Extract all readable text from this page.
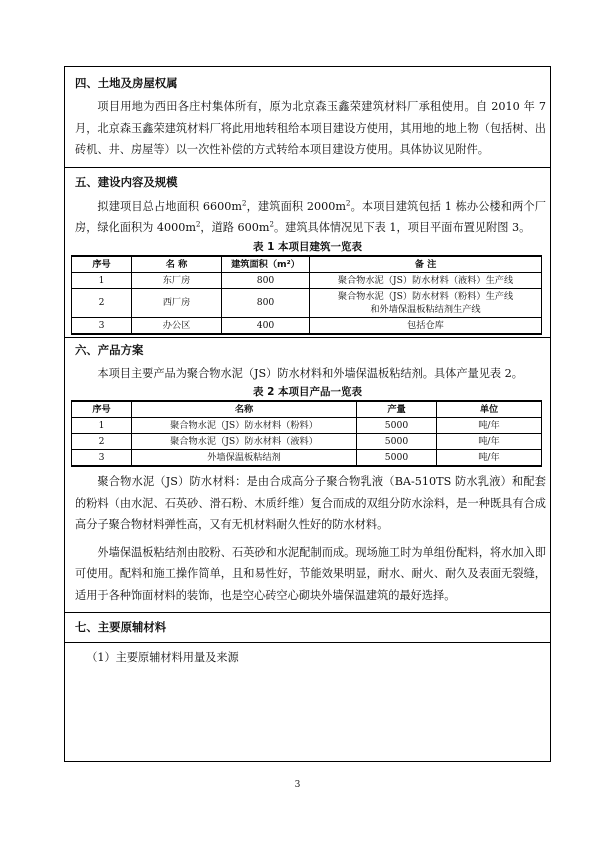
四、土地及房屋权属

项目用地为西田各庄村集体所有，原为北京森玉鑫荣建筑材料厂承租使用。自 2010 年 7 月，北京森玉鑫荣建筑材料厂将此用地转租给本项目建设方使用，其用地的地上物（包括树、出砖机、井、房屋等）以一次性补偿的方式转给本项目建设方使用。具体协议见附件。

五、建设内容及规模

拟建项目总占地面积 $6600m^2$，建筑面积 $2000m^2$。本项目建筑包括 1 栋办公楼和两个厂房，绿化面积为 $4000m^2$，道路 $600m^2$。建筑具体情况见下表 1，项目平面布置见附图 3。

表 1 本项目建筑一览表
序号	名 称	建筑面积（m²）	备 注
1	东厂房	800	聚合物水泥（JS）防水材料（液料）生产线
2	西厂房	800	聚合物水泥（JS）防水材料（粉料）生产线
和外墙保温板粘结剂生产线
3	办公区	400	包括仓库

六、产品方案

本项目主要产品为聚合物水泥（JS）防水材料和外墙保温板粘结剂。具体产量见表 2。

表 2 本项目产品一览表
序号	名称	产量	单位
1	聚合物水泥（JS）防水材料（粉料）	5000	吨/年
2	聚合物水泥（JS）防水材料（液料）	5000	吨/年
3	外墙保温板粘结剂	5000	吨/年

聚合物水泥（JS）防水材料：是由合成高分子聚合物乳液（BA-510TS 防水乳液）和配套的粉料（由水泥、石英砂、滑石粉、木质纤维）复合而成的双组分防水涂料，是一种既具有合成高分子聚合物材料弹性高，又有无机材料耐久性好的防水材料。

外墙保温板粘结剂由胶粉、石英砂和水泥配制而成。现场施工时为单组份配料，将水加入即可使用。配料和施工操作简单，且和易性好，节能效果明显，耐水、耐火、耐久及表面无裂缝，适用于各种饰面材料的装饰，也是空心砖空心砌块外墙保温建筑的最好选择。

七、主要原辅材料

（1）主要原辅材料用量及来源

3
